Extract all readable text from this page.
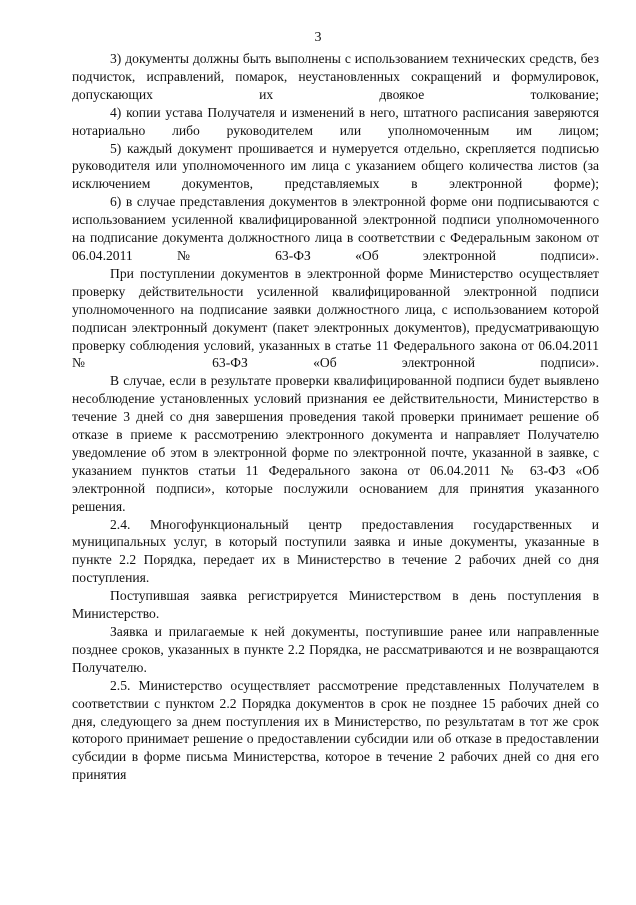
3

3) документы должны быть выполнены с использованием технических средств, без подчисток, исправлений, помарок, неустановленных сокращений и формулировок, допускающих их двоякое толкование;

4) копии устава Получателя и изменений в него, штатного расписания заверяются нотариально либо руководителем или уполномоченным им лицом;

5) каждый документ прошивается и нумеруется отдельно, скрепляется подписью руководителя или уполномоченного им лица с указанием общего количества листов (за исключением документов, представляемых в электронной форме);

6) в случае представления документов в электронной форме они подписываются с использованием усиленной квалифицированной электронной подписи уполномоченного на подписание документа должностного лица в соответствии с Федеральным законом от 06.04.2011 № 63-ФЗ «Об электронной подписи».

При поступлении документов в электронной форме Министерство осуществляет проверку действительности усиленной квалифицированной электронной подписи уполномоченного на подписание заявки должностного лица, с использованием которой подписан электронный документ (пакет электронных документов), предусматривающую проверку соблюдения условий, указанных в статье 11 Федерального закона от 06.04.2011 № 63-ФЗ «Об электронной подписи».

В случае, если в результате проверки квалифицированной подписи будет выявлено несоблюдение установленных условий признания ее действительности, Министерство в течение 3 дней со дня завершения проведения такой проверки принимает решение об отказе в приеме к рассмотрению электронного документа и направляет Получателю уведомление об этом в электронной форме по электронной почте, указанной в заявке, с указанием пунктов статьи 11 Федерального закона от 06.04.2011 № 63-ФЗ «Об электронной подписи», которые послужили основанием для принятия указанного решения.

2.4. Многофункциональный центр предоставления государственных и муниципальных услуг, в который поступили заявка и иные документы, указанные в пункте 2.2 Порядка, передает их в Министерство в течение 2 рабочих дней со дня поступления.

Поступившая заявка регистрируется Министерством в день поступления в Министерство.

Заявка и прилагаемые к ней документы, поступившие ранее или направленные позднее сроков, указанных в пункте 2.2 Порядка, не рассматриваются и не возвращаются Получателю.

2.5. Министерство осуществляет рассмотрение представленных Получателем в соответствии с пунктом 2.2 Порядка документов в срок не позднее 15 рабочих дней со дня, следующего за днем поступления их в Министерство, по результатам в тот же срок которого принимает решение о предоставлении субсидии или об отказе в предоставлении субсидии в форме письма Министерства, которое в течение 2 рабочих дней со дня его принятия
